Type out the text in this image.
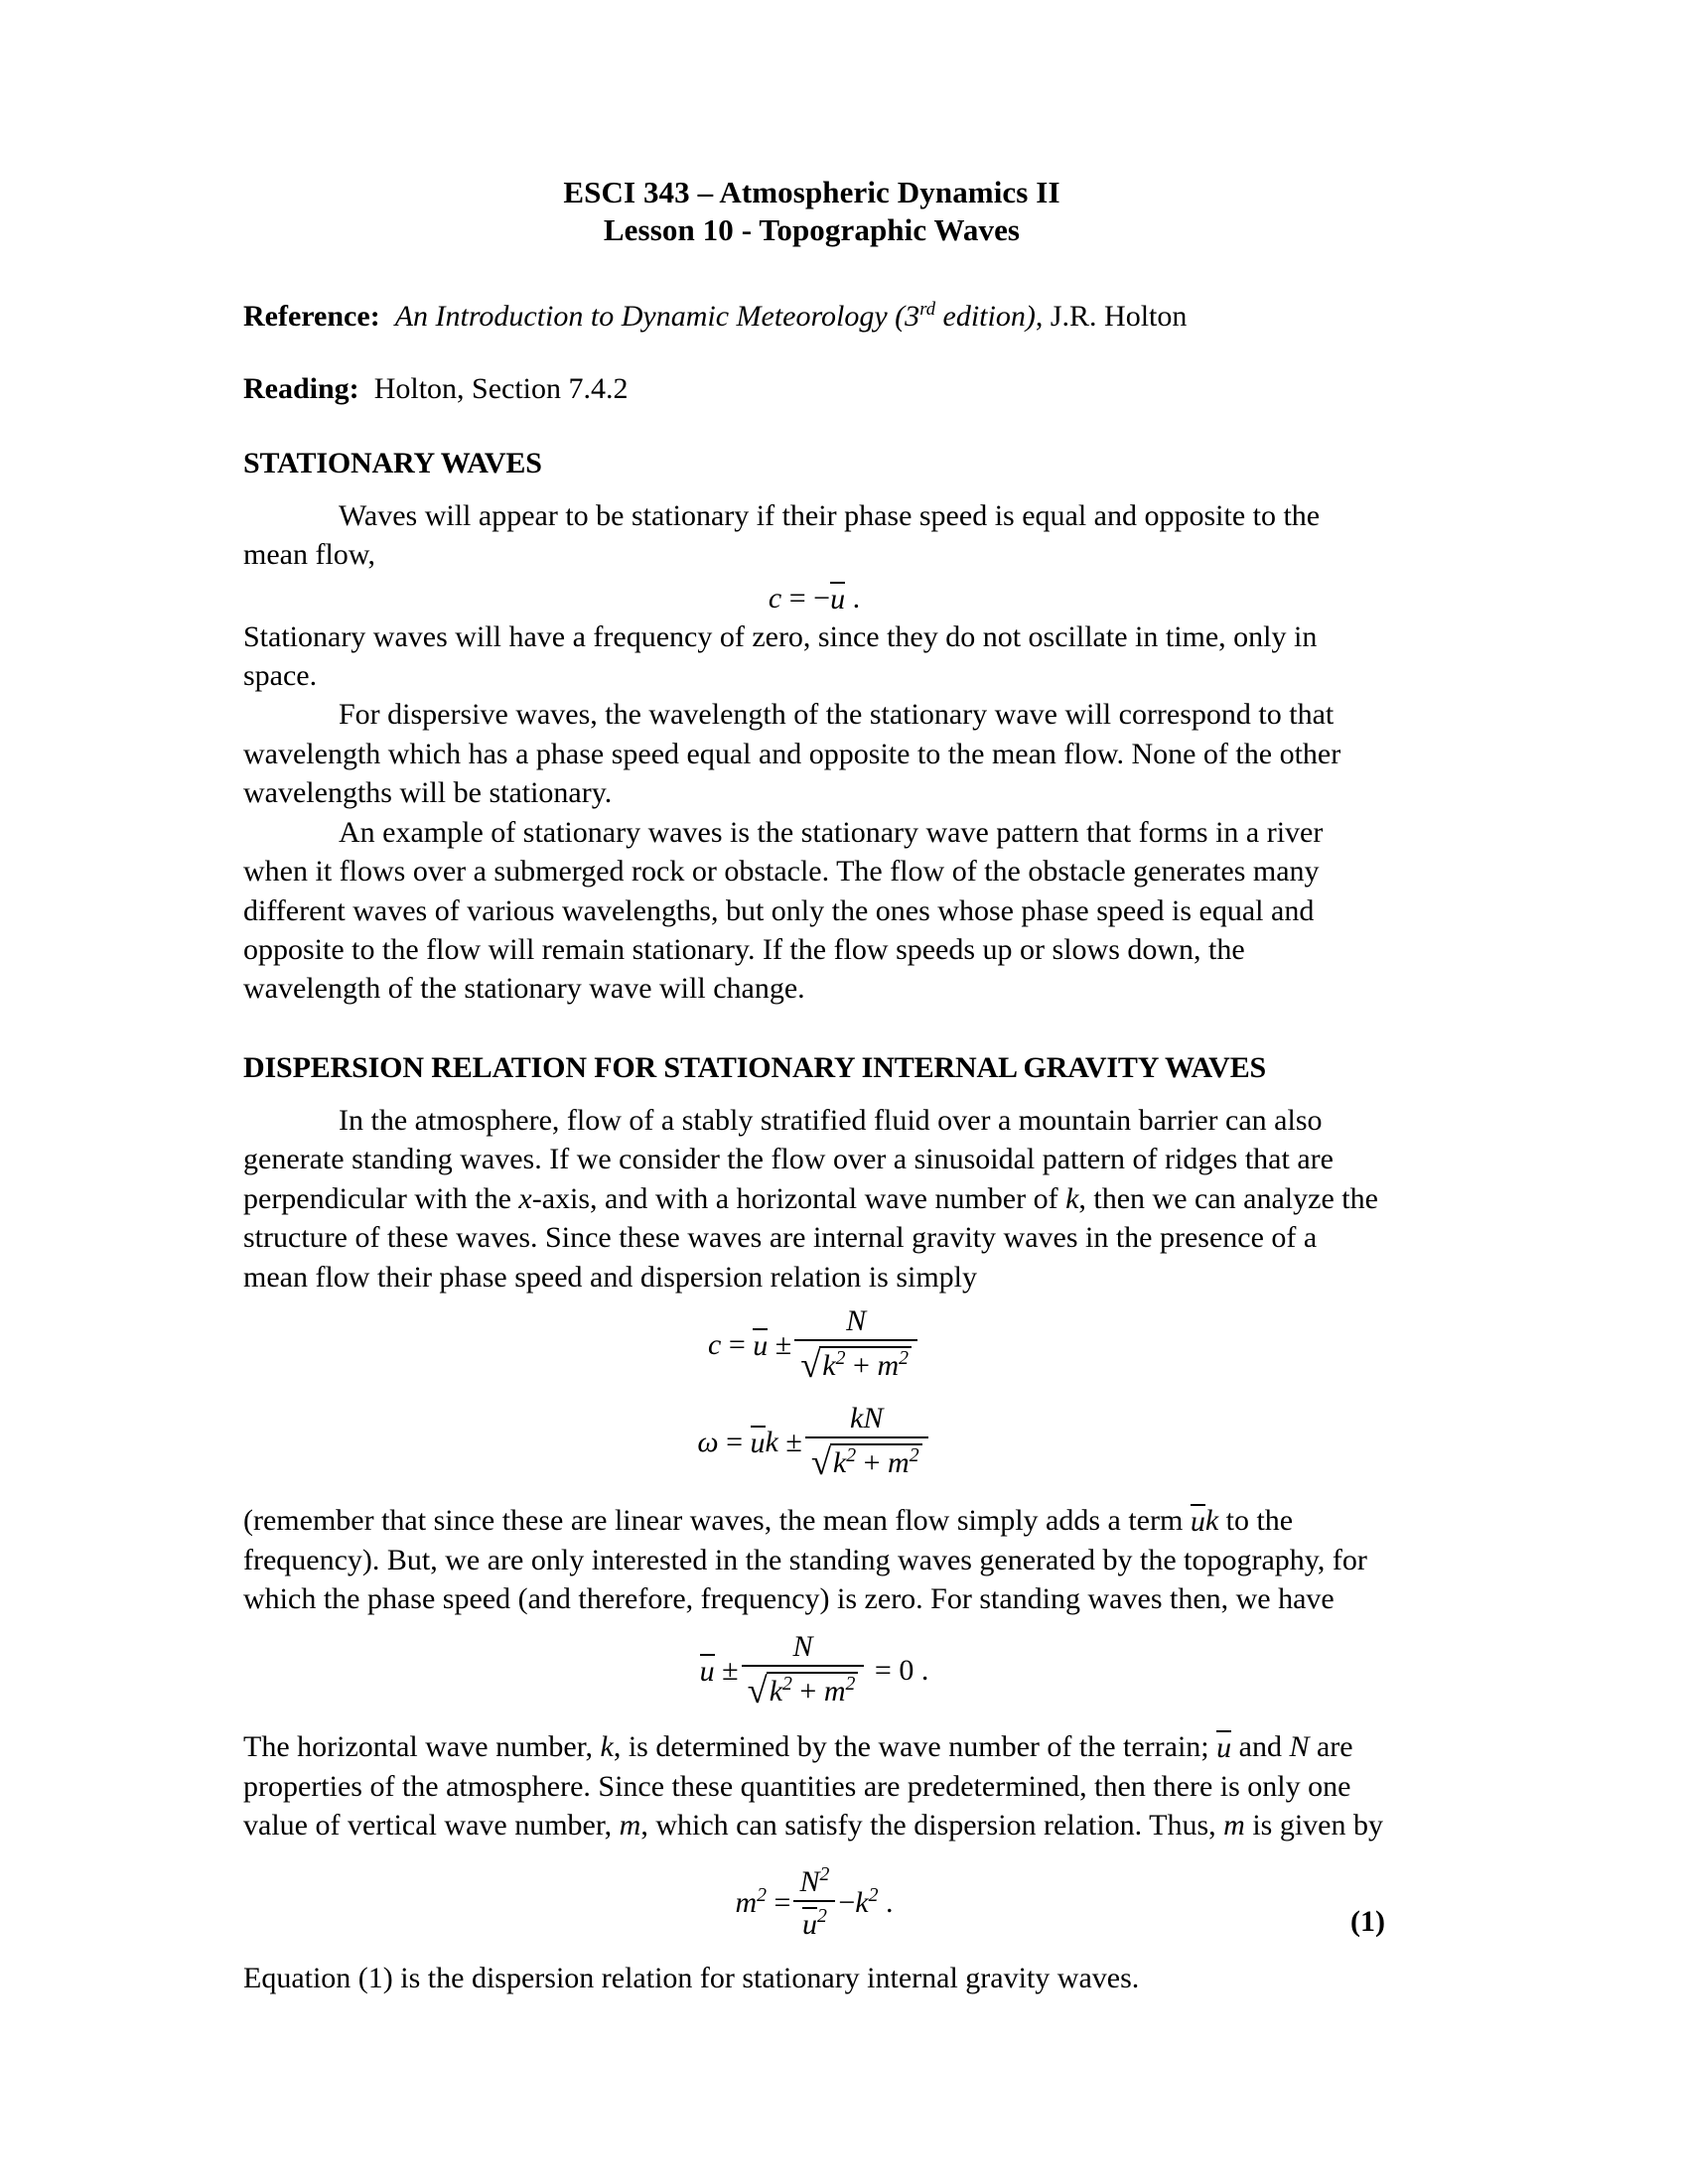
ESCI 343 – Atmospheric Dynamics II
Lesson 10 - Topographic Waves
Reference: An Introduction to Dynamic Meteorology (3rd edition), J.R. Holton
Reading: Holton, Section 7.4.2
STATIONARY WAVES

Waves will appear to be stationary if their phase speed is equal and opposite to the mean flow,

c = −u .

Stationary waves will have a frequency of zero, since they do not oscillate in time, only in space.

For dispersive waves, the wavelength of the stationary wave will correspond to that wavelength which has a phase speed equal and opposite to the mean flow. None of the other wavelengths will be stationary.

An example of stationary waves is the stationary wave pattern that forms in a river when it flows over a submerged rock or obstacle. The flow of the obstacle generates many different waves of various wavelengths, but only the ones whose phase speed is equal and opposite to the flow will remain stationary. If the flow speeds up or slows down, the wavelength of the stationary wave will change.

DISPERSION RELATION FOR STATIONARY INTERNAL GRAVITY WAVES

In the atmosphere, flow of a stably stratified fluid over a mountain barrier can also generate standing waves. If we consider the flow over a sinusoidal pattern of ridges that are perpendicular with the x-axis, and with a horizontal wave number of k, then we can analyze the structure of these waves. Since these waves are internal gravity waves in the presence of a mean flow their phase speed and dispersion relation is simply

$c = u \pm \frac{N}{√k^2 + m^2}$
ω = uk ± $\frac{kN}{√k^2 + m^2}$

(remember that since these are linear waves, the mean flow simply adds a term uk to the frequency). But, we are only interested in the standing waves generated by the topography, for which the phase speed (and therefore, frequency) is zero. For standing waves then, we have

$u \pm \frac{N}{√k^2 + m^2} = 0$ .

The horizontal wave number, k, is determined by the wave number of the terrain; u and N are properties of the atmosphere. Since these quantities are predetermined, then there is only one value of vertical wave number, m, which can satisfy the dispersion relation. Thus, m is given by

$m^2 = \frac{N^2}{u^2} -k^2$ .
(1)

Equation (1) is the dispersion relation for stationary internal gravity waves.
